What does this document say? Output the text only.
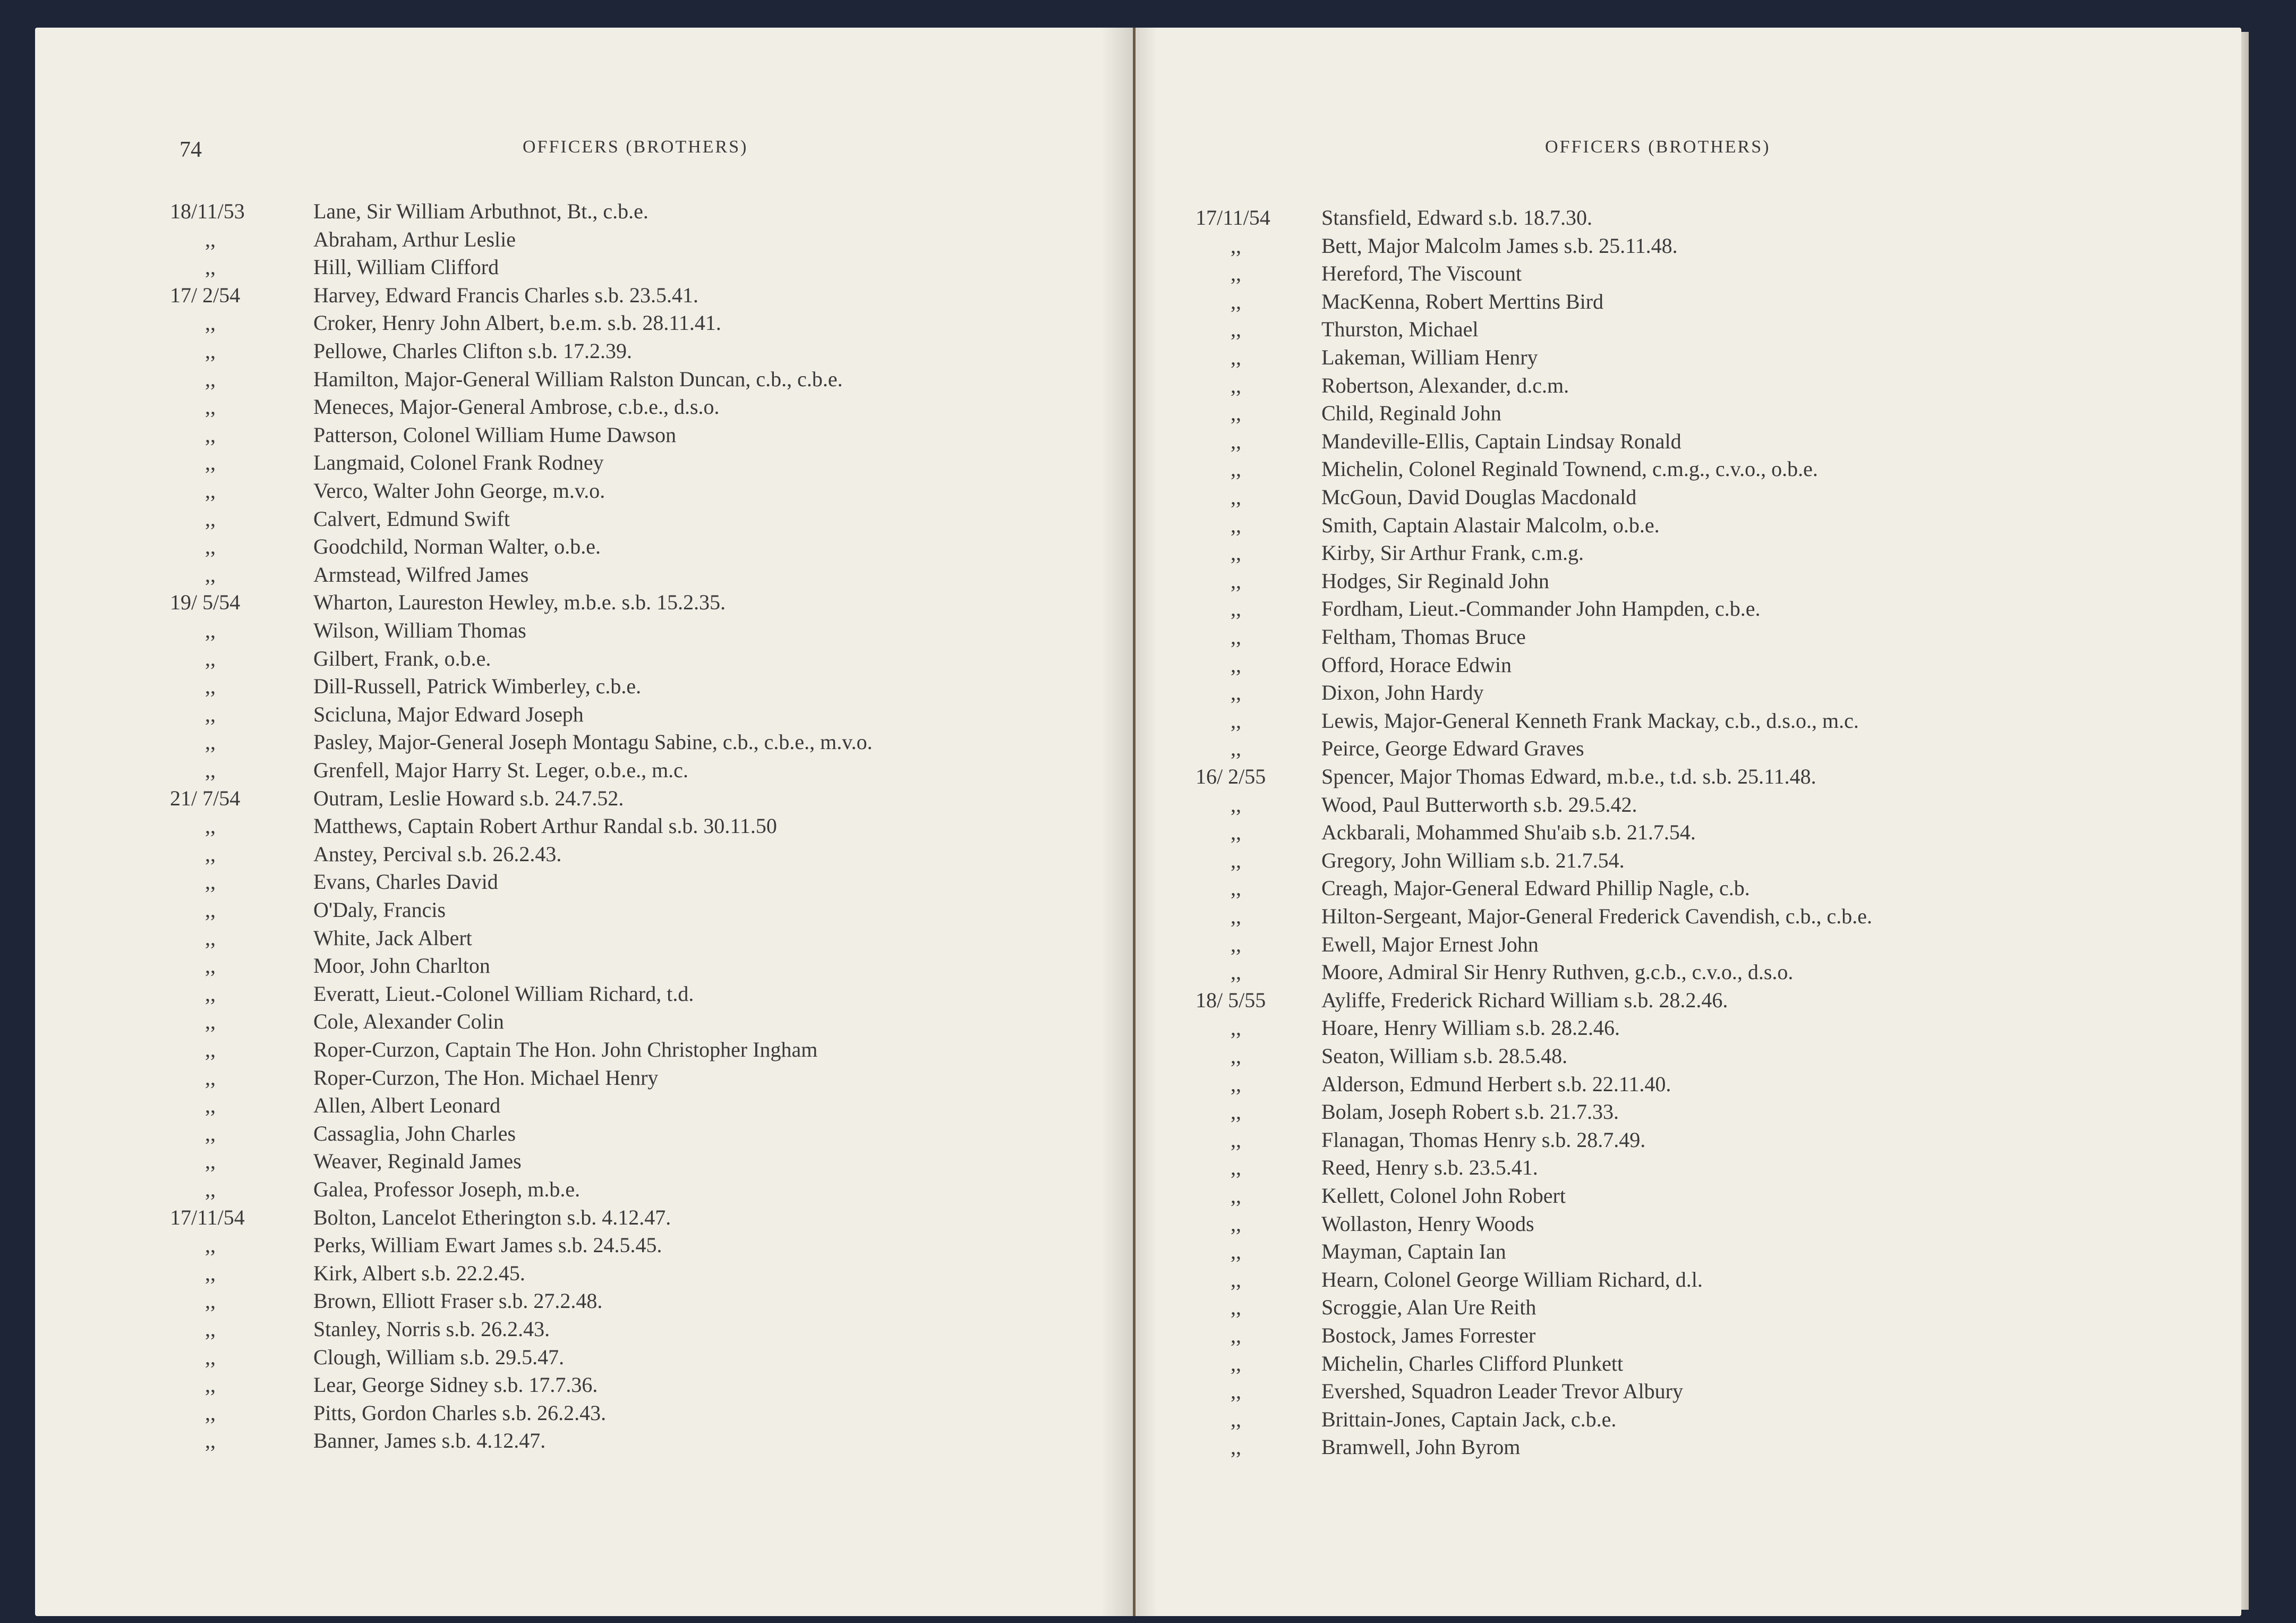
74	OFFICERS (BROTHERS)
18/11/53	Lane, Sir William Arbuthnot, Bt., c.b.e.
,,	Abraham, Arthur Leslie
,,	Hill, William Clifford
17/ 2/54	Harvey, Edward Francis Charles s.b. 23.5.41.
,,	Croker, Henry John Albert, b.e.m. s.b. 28.11.41.
,,	Pellowe, Charles Clifton s.b. 17.2.39.
,,	Hamilton, Major-General William Ralston Duncan, c.b., c.b.e.
,,	Meneces, Major-General Ambrose, c.b.e., d.s.o.
,,	Patterson, Colonel William Hume Dawson
,,	Langmaid, Colonel Frank Rodney
,,	Verco, Walter John George, m.v.o.
,,	Calvert, Edmund Swift
,,	Goodchild, Norman Walter, o.b.e.
,,	Armstead, Wilfred James
19/ 5/54	Wharton, Laureston Hewley, m.b.e. s.b. 15.2.35.
,,	Wilson, William Thomas
,,	Gilbert, Frank, o.b.e.
,,	Dill-Russell, Patrick Wimberley, c.b.e.
,,	Scicluna, Major Edward Joseph
,,	Pasley, Major-General Joseph Montagu Sabine, c.b., c.b.e., m.v.o.
,,	Grenfell, Major Harry St. Leger, o.b.e., m.c.
21/ 7/54	Outram, Leslie Howard s.b. 24.7.52.
,,	Matthews, Captain Robert Arthur Randal s.b. 30.11.50
,,	Anstey, Percival s.b. 26.2.43.
,,	Evans, Charles David
,,	O'Daly, Francis
,,	White, Jack Albert
,,	Moor, John Charlton
,,	Everatt, Lieut.-Colonel William Richard, t.d.
,,	Cole, Alexander Colin
,,	Roper-Curzon, Captain The Hon. John Christopher Ingham
,,	Roper-Curzon, The Hon. Michael Henry
,,	Allen, Albert Leonard
,,	Cassaglia, John Charles
,,	Weaver, Reginald James
,,	Galea, Professor Joseph, m.b.e.
17/11/54	Bolton, Lancelot Etherington s.b. 4.12.47.
,,	Perks, William Ewart James s.b. 24.5.45.
,,	Kirk, Albert s.b. 22.2.45.
,,	Brown, Elliott Fraser s.b. 27.2.48.
,,	Stanley, Norris s.b. 26.2.43.
,,	Clough, William s.b. 29.5.47.
,,	Lear, George Sidney s.b. 17.7.36.
,,	Pitts, Gordon Charles s.b. 26.2.43.
,,	Banner, James s.b. 4.12.47.
OFFICERS (BROTHERS)
17/11/54 Stansfield, Edward s.b. 18.7.30.
,,	Bett, Major Malcolm James s.b. 25.11.48.
,,	Hereford, The Viscount
,,	MacKenna, Robert Merttins Bird
,,	Thurston, Michael
,,	Lakeman, William Henry
,,	Robertson, Alexander, d.c.m.
,,	Child, Reginald John
,,	Mandeville-Ellis, Captain Lindsay Ronald
,,	Michelin, Colonel Reginald Townend, c.m.g., c.v.o., o.b.e.
,,	McGoun, David Douglas Macdonald
,,	Smith, Captain Alastair Malcolm, o.b.e.
,,	Kirby, Sir Arthur Frank, c.m.g.
,,	Hodges, Sir Reginald John
,,	Fordham, Lieut.-Commander John Hampden, c.b.e.
,,	Feltham, Thomas Bruce
,,	Offord, Horace Edwin
,,	Dixon, John Hardy
,,	Lewis, Major-General Kenneth Frank Mackay, c.b., d.s.o., m.c.
,,	Peirce, George Edward Graves
16/ 2/55	Spencer, Major Thomas Edward, m.b.e., t.d. s.b. 25.11.48.
,,	Wood, Paul Butterworth s.b. 29.5.42.
,,	Ackbarali, Mohammed Shu'aib s.b. 21.7.54.
,,	Gregory, John William s.b. 21.7.54.
,,	Creagh, Major-General Edward Phillip Nagle, c.b.
,,	Hilton-Sergeant, Major-General Frederick Cavendish, c.b., c.b.e.
,,	Ewell, Major Ernest John
,,	Moore, Admiral Sir Henry Ruthven, g.c.b., c.v.o., d.s.o.
18/ 5/55	Ayliffe, Frederick Richard William s.b. 28.2.46.
,,	Hoare, Henry William s.b. 28.2.46.
,,	Seaton, William s.b. 28.5.48.
,,	Alderson, Edmund Herbert s.b. 22.11.40.
,,	Bolam, Joseph Robert s.b. 21.7.33.
,,	Flanagan, Thomas Henry s.b. 28.7.49.
,,	Reed, Henry s.b. 23.5.41.
,,	Kellett, Colonel John Robert
,,	Wollaston, Henry Woods
,,	Mayman, Captain Ian
,,	Hearn, Colonel George William Richard, d.l.
,,	Scroggie, Alan Ure Reith
,,	Bostock, James Forrester
,,	Michelin, Charles Clifford Plunkett
,,	Evershed, Squadron Leader Trevor Albury
,,	Brittain-Jones, Captain Jack, c.b.e.
,,	Bramwell, John Byrom
